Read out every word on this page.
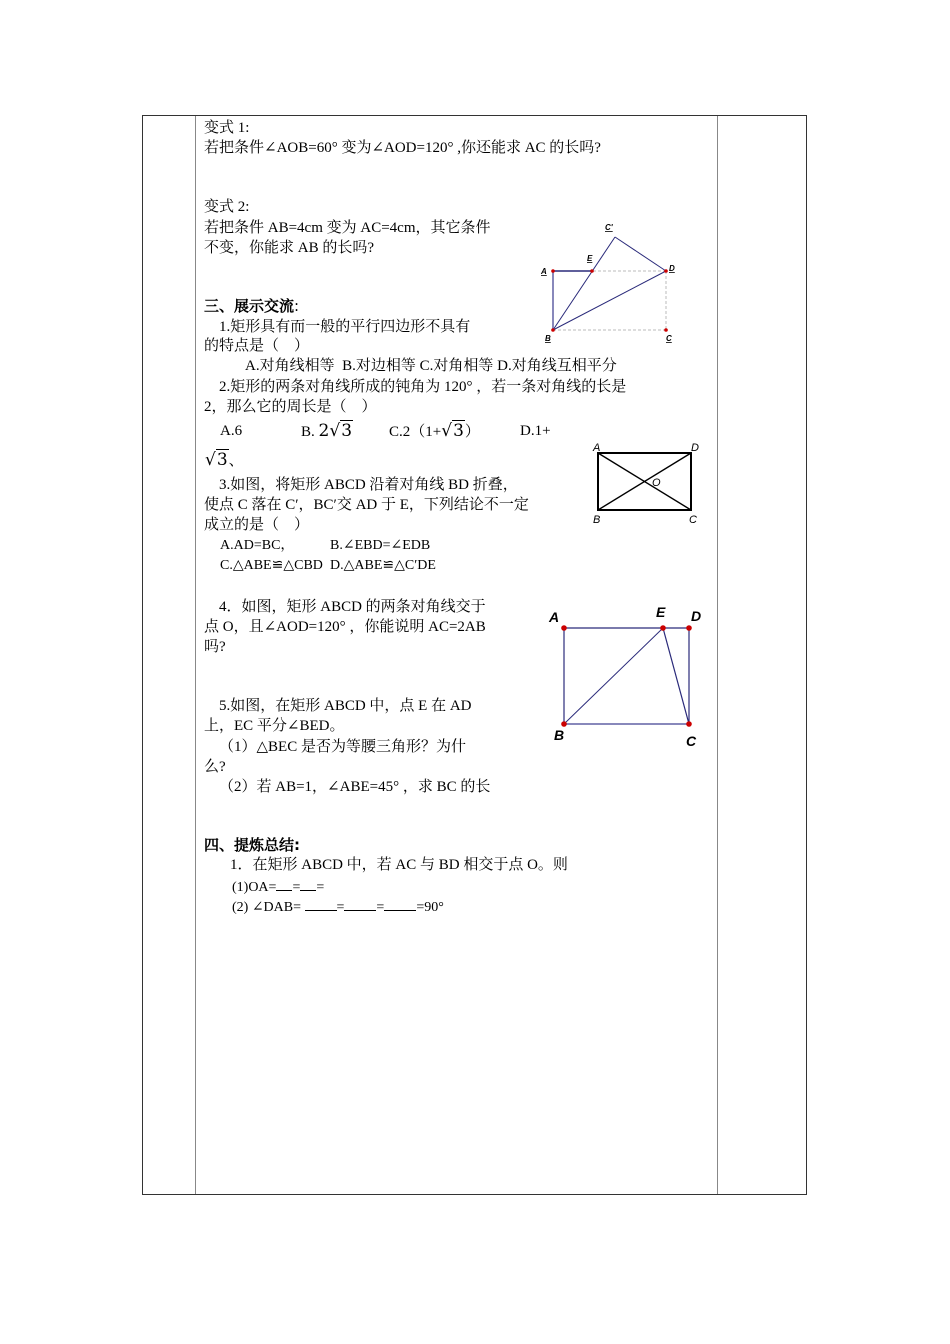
变式 1:
若把条件∠AOB=60° 变为∠AOD=120° ,你还能求 AC 的长吗?
变式 2:
若把条件 AB=4cm 变为 AC=4cm，其它条件
不变，你能求 AB 的长吗?
C'
E
A	D
B	C
三、展示交流:
1.矩形具有而一般的平行四边形不具有
的特点是（　）
A.对角线相等 B.对边相等 C.对角相等 D.对角线互相平分
2.矩形的两条对角线所成的钝角为 120° ，若一条对角线的长是
2，那么它的周长是（　）
A.6	B. 2√3 C.2（1+√3）	D.1+
√3、
3.如图，将矩形 ABCD 沿着对角线 BD 折叠，
使点 C 落在 C′，BC′交 AD 于 E，下列结论不一定
成立的是（　）
A.AD=BC，	B.∠EBD=∠EDB
C.△ABE≌△CBD D.△ABE≌△C′DE
A	D
O
B	C
4．如图，矩形 ABCD 的两条对角线交于
点 O，且∠AOD=120° ，你能说明 AC=2AB
吗?
5.如图，在矩形 ABCD 中，点 E 在 AD
上，EC 平分∠BED。
（1）△BEC 是否为等腰三角形？为什
么?
（2）若 AB=1，∠ABE=45° ，求 BC 的长
A	E D
B	C
四、提炼总结:
1．在矩形 ABCD 中，若 AC 与 BD 相交于点 O。则
(1)OA= = =
(2) ∠DAB=	= = =90°
